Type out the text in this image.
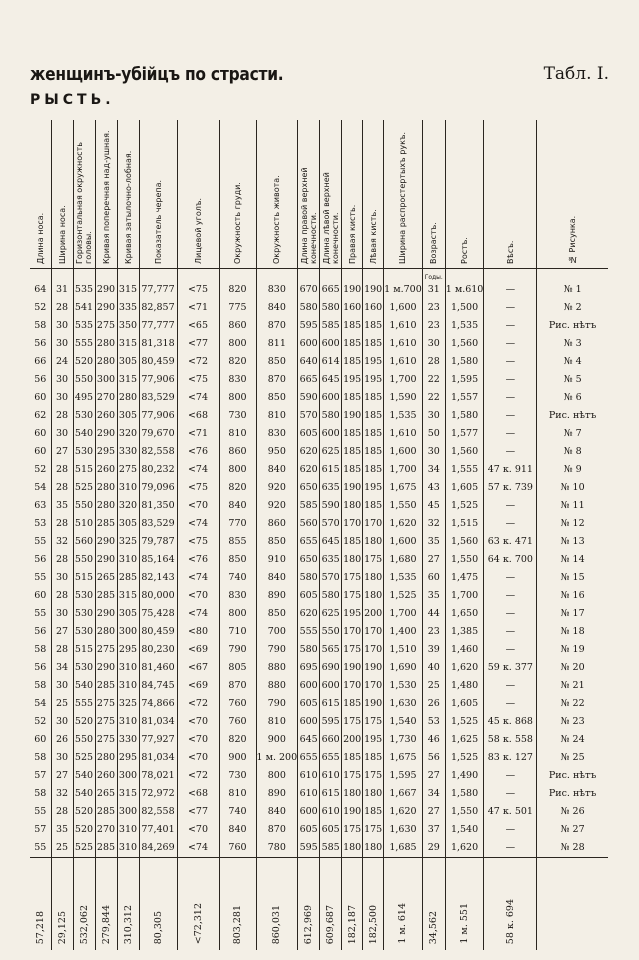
женщинъ-убійцъ по страсти.	Табл. I.
РЫСТЬ.
Длина носа.	Ширина носа.	Горизонтальная окружность головы.	Кривая поперечная над-ушная.	Кривая затылочно-лобная.	Показатель черепа.	Лицевой уголъ.	Окружность груди.	Окружность живота.	Длина правой верхней конечности.	Длина лѣвой верхней конечности.	Правая кисть.	Лѣвая кисть.	Ширина распростертыхъ рукъ.	Возрастъ.	Ростъ.	Вѣсъ.	№ Рисунка.

														Годы.			
64	31	535	290	315	77,777	<75	820	830	670	665	190	190	1 м.700	31	1 м.610	—	№ 1
52	28	541	290	335	82,857	<71	775	840	580	580	160	160	1,600	23	1,500	—	№ 2
58	30	535	275	350	77,777	<65	860	870	595	585	185	185	1,610	23	1,535	—	Рис. нѣтъ
56	30	555	280	315	81,318	<77	800	811	600	600	185	185	1,610	30	1,560	—	№ 3
66	24	520	280	305	80,459	<72	820	850	640	614	185	195	1,610	28	1,580	—	№ 4
56	30	550	300	315	77,906	<75	830	870	665	645	195	195	1,700	22	1,595	—	№ 5
60	30	495	270	280	83,529	<74	800	850	590	600	185	185	1,590	22	1,557	—	№ 6
62	28	530	260	305	77,906	<68	730	810	570	580	190	185	1,535	30	1,580	—	Рис. нѣтъ
60	30	540	290	320	79,670	<71	810	830	605	600	185	185	1,610	50	1,577	—	№ 7
60	27	530	295	330	82,558	<76	860	950	620	625	185	185	1,600	30	1,560	—	№ 8
52	28	515	260	275	80,232	<74	800	840	620	615	185	185	1,700	34	1,555	47 к. 911	№ 9
54	28	525	280	310	79,096	<75	820	920	650	635	190	195	1,675	43	1,605	57 к. 739	№ 10
63	35	550	280	320	81,350	<70	840	920	585	590	180	185	1,550	45	1,525	—	№ 11
53	28	510	285	305	83,529	<74	770	860	560	570	170	170	1,620	32	1,515	—	№ 12
55	32	560	290	325	79,787	<75	855	850	655	645	185	180	1,600	35	1,560	63 к. 471	№ 13
56	28	550	290	310	85,164	<76	850	910	650	635	180	175	1,680	27	1,550	64 к. 700	№ 14
55	30	515	265	285	82,143	<74	740	840	580	570	175	180	1,535	60	1,475	—	№ 15
60	28	530	285	315	80,000	<70	830	890	605	580	175	180	1,525	35	1,700	—	№ 16
55	30	530	290	305	75,428	<74	800	850	620	625	195	200	1,700	44	1,650	—	№ 17
56	27	530	280	300	80,459	<80	710	700	555	550	170	170	1,400	23	1,385	—	№ 18
58	28	515	275	295	80,230	<69	790	790	580	565	175	170	1,510	39	1,460	—	№ 19
56	34	530	290	310	81,460	<67	805	880	695	690	190	190	1,690	40	1,620	59 к. 377	№ 20
58	30	540	285	310	84,745	<69	870	880	600	600	170	170	1,530	25	1,480	—	№ 21
54	25	555	275	325	74,866	<72	760	790	605	615	185	190	1,630	26	1,605	—	№ 22
52	30	520	275	310	81,034	<70	760	810	600	595	175	175	1,540	53	1,525	45 к. 868	№ 23
60	26	550	275	330	77,927	<70	820	900	645	660	200	195	1,730	46	1,625	58 к. 558	№ 24
58	30	525	280	295	81,034	<70	900	1 м. 200	655	655	185	185	1,675	56	1,525	83 к. 127	№ 25
57	27	540	260	300	78,021	<72	730	800	610	610	175	175	1,595	27	1,490	—	Рис. нѣтъ
58	32	540	265	315	72,972	<68	810	890	610	615	180	180	1,667	34	1,580	—	Рис. нѣтъ
55	28	520	285	300	82,558	<77	740	840	600	610	190	185	1,620	27	1,550	47 к. 501	№ 26
57	35	520	270	310	77,401	<70	840	870	605	605	175	175	1,630	37	1,540	—	№ 27
55	25	525	285	310	84,269	<74	760	780	595	585	180	180	1,685	29	1,620	—	№ 28

57,218	29,125	532,062	279,844	310,312	80,305	<72,312	803,281	860,031	612,969	609,687	182,187	182,500	1 м. 614	34,562	1 м. 551	58 к. 694	
